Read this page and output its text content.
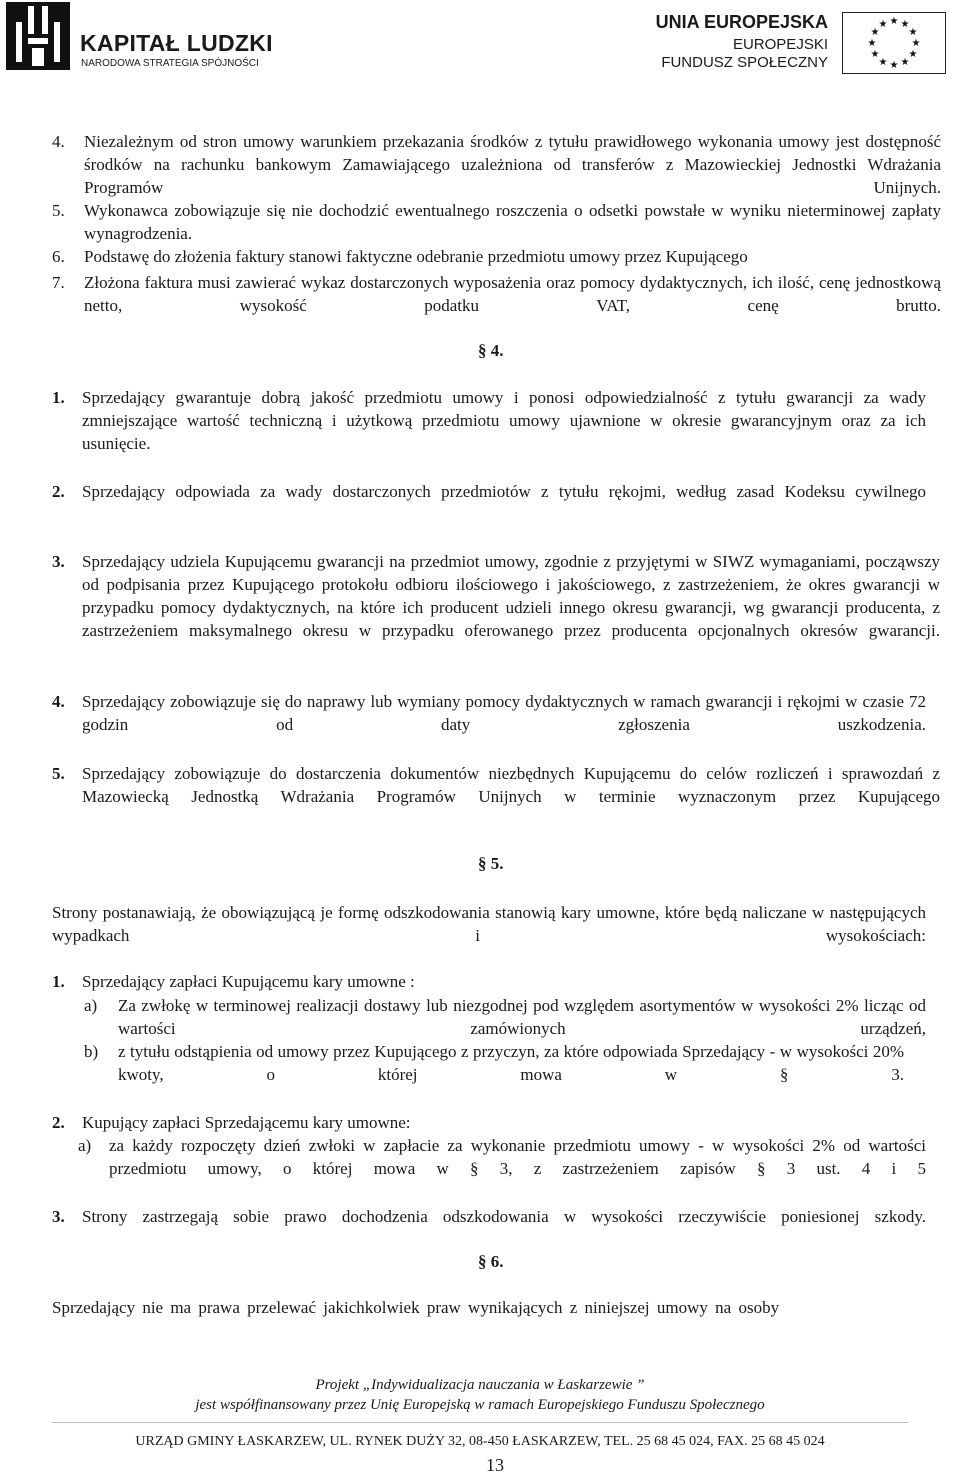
KAPITAŁ LUDZKI
NARODOWA STRATEGIA SPÓJNOŚCI
UNIA EUROPEJSKA
EUROPEJSKI
FUNDUSZ SPOŁECZNY
★ ★
★
★
★
★
★
★
★
★
★
★
4.	Niezależnym od stron umowy warunkiem przekazania środków z tytułu prawidłowego wykonania umowy jest dostępność środków na rachunku bankowym Zamawiającego uzależniona od transferów z Mazowieckiej Jednostki Wdrażania Programów Unijnych.
5.	Wykonawca zobowiązuje się nie dochodzić ewentualnego roszczenia o odsetki powstałe w wyniku nieterminowej zapłaty wynagrodzenia.
6.	Podstawę do złożenia faktury stanowi faktyczne odebranie przedmiotu umowy przez Kupującego
7.	Złożona faktura musi zawierać wykaz dostarczonych wyposażenia oraz pomocy dydaktycznych, ich ilość, cenę jednostkową netto, wysokość podatku VAT, cenę brutto.
§ 4.
1.	Sprzedający gwarantuje dobrą jakość przedmiotu umowy i ponosi odpowiedzialność z tytułu gwarancji za wady zmniejszające wartość techniczną i użytkową przedmiotu umowy ujawnione w okresie gwarancyjnym oraz za ich usunięcie.
2.	Sprzedający odpowiada za wady dostarczonych przedmiotów z tytułu rękojmi, według zasad Kodeksu cywilnego
3.	Sprzedający udziela Kupującemu gwarancji na przedmiot umowy, zgodnie z przyjętymi w SIWZ wymaganiami, począwszy od podpisania przez Kupującego protokołu odbioru ilościowego i jakościowego, z zastrzeżeniem, że okres gwarancji w przypadku pomocy dydaktycznych, na które ich producent udzieli innego okresu gwarancji, wg gwarancji producenta, z zastrzeżeniem maksymalnego okresu w przypadku oferowanego przez producenta opcjonalnych okresów gwarancji.
4.	Sprzedający zobowiązuje się do naprawy lub wymiany pomocy dydaktycznych w ramach gwarancji i rękojmi w czasie 72 godzin od daty zgłoszenia uszkodzenia.
5.	Sprzedający zobowiązuje do dostarczenia dokumentów niezbędnych Kupującemu do celów rozliczeń i sprawozdań z Mazowiecką Jednostką Wdrażania Programów Unijnych w terminie wyznaczonym przez Kupującego
§ 5.
Strony postanawiają, że obowiązującą je formę odszkodowania stanowią kary umowne, które będą naliczane w następujących wypadkach i wysokościach:
1.	Sprzedający zapłaci Kupującemu kary umowne :
a)	Za zwłokę w terminowej realizacji dostawy lub niezgodnej pod względem asortymentów w wysokości 2% licząc od wartości zamówionych urządzeń,
b)	z tytułu odstąpienia od umowy przez Kupującego z przyczyn, za które odpowiada Sprzedający - w wysokości 20% kwoty, o której mowa w § 3.
2.	Kupujący zapłaci Sprzedającemu kary umowne:
a)	za każdy rozpoczęty dzień zwłoki w zapłacie za wykonanie przedmiotu umowy - w wysokości 2% od wartości przedmiotu umowy, o której mowa w § 3, z zastrzeżeniem zapisów § 3 ust. 4 i 5
3.	Strony zastrzegają sobie prawo dochodzenia odszkodowania w wysokości rzeczywiście poniesionej szkody.
§ 6.
Sprzedający nie ma prawa przelewać jakichkolwiek praw wynikających z niniejszej umowy na osoby
Projekt „Indywidualizacja nauczania w Łaskarzewie ”
jest współfinansowany przez Unię Europejską w ramach Europejskiego Funduszu Społecznego
URZĄD GMINY ŁASKARZEW, UL. RYNEK DUŻY 32, 08-450 ŁASKARZEW, TEL. 25 68 45 024, FAX. 25 68 45 024
13
